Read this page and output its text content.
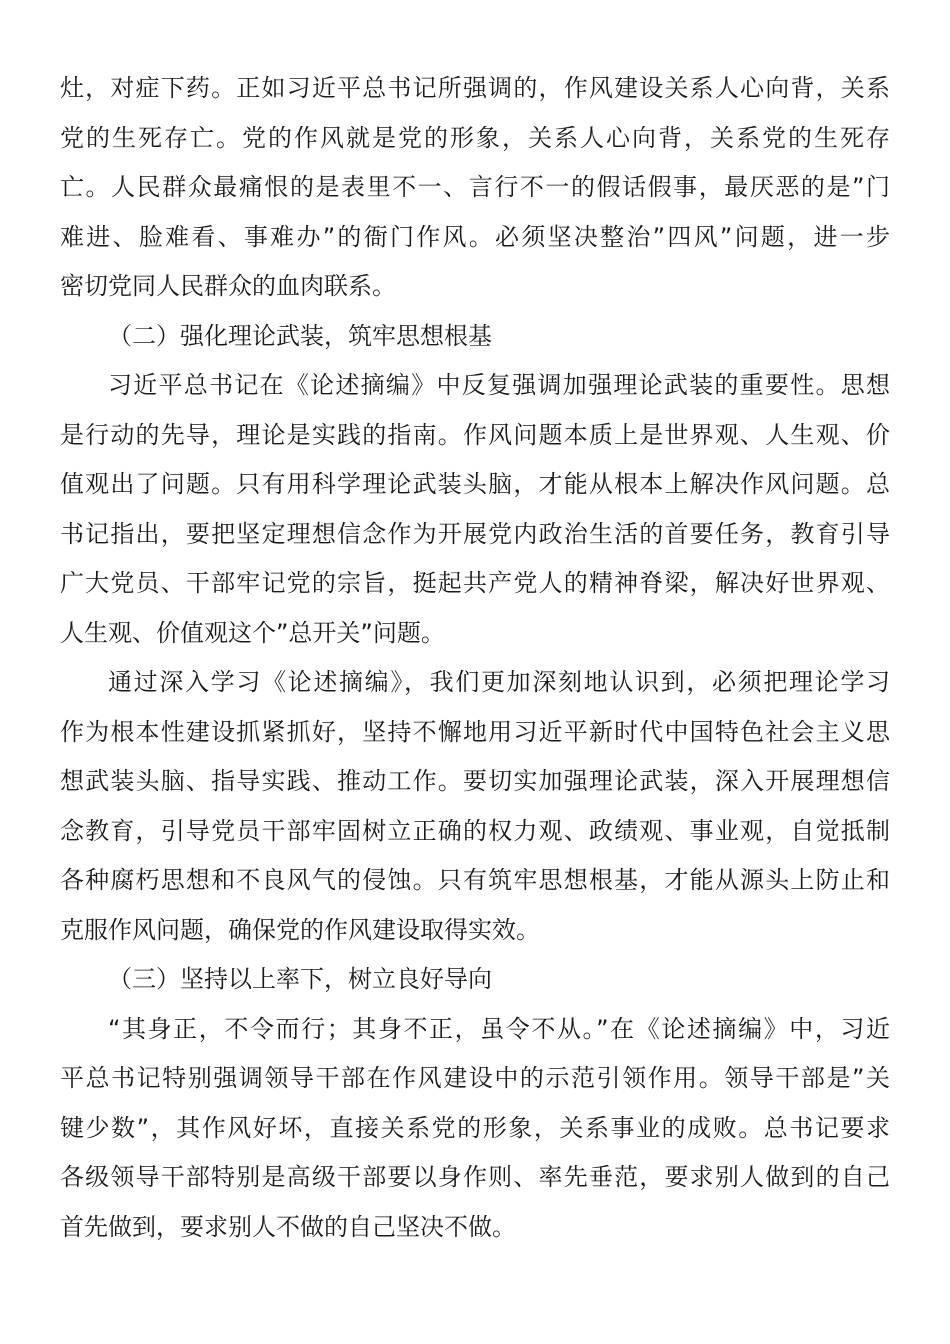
灶，对症下药。正如习近平总书记所强调的，作风建设关系人心向背，关系
党的生死存亡。党的作风就是党的形象，关系人心向背，关系党的生死存
亡。人民群众最痛恨的是表里不一、言行不一的假话假事，最厌恶的是”门
难进、脸难看、事难办”的衙门作风。必须坚决整治”四风”问题，进一步
密切党同人民群众的血肉联系。
（二）强化理论武装，筑牢思想根基
习近平总书记在《论述摘编》中反复强调加强理论武装的重要性。思想
是行动的先导，理论是实践的指南。作风问题本质上是世界观、人生观、价
值观出了问题。只有用科学理论武装头脑，才能从根本上解决作风问题。总
书记指出，要把坚定理想信念作为开展党内政治生活的首要任务，教育引导
广大党员、干部牢记党的宗旨，挺起共产党人的精神脊梁，解决好世界观、
人生观、价值观这个”总开关”问题。
通过深入学习《论述摘编》，我们更加深刻地认识到，必须把理论学习
作为根本性建设抓紧抓好，坚持不懈地用习近平新时代中国特色社会主义思
想武装头脑、指导实践、推动工作。要切实加强理论武装，深入开展理想信
念教育，引导党员干部牢固树立正确的权力观、政绩观、事业观，自觉抵制
各种腐朽思想和不良风气的侵蚀。只有筑牢思想根基，才能从源头上防止和
克服作风问题，确保党的作风建设取得实效。
（三）坚持以上率下，树立良好导向
“其身正，不令而行；其身不正，虽令不从。”在《论述摘编》中，习近
平总书记特别强调领导干部在作风建设中的示范引领作用。领导干部是”关
键少数”，其作风好坏，直接关系党的形象，关系事业的成败。总书记要求
各级领导干部特别是高级干部要以身作则、率先垂范，要求别人做到的自己
首先做到，要求别人不做的自己坚决不做。
